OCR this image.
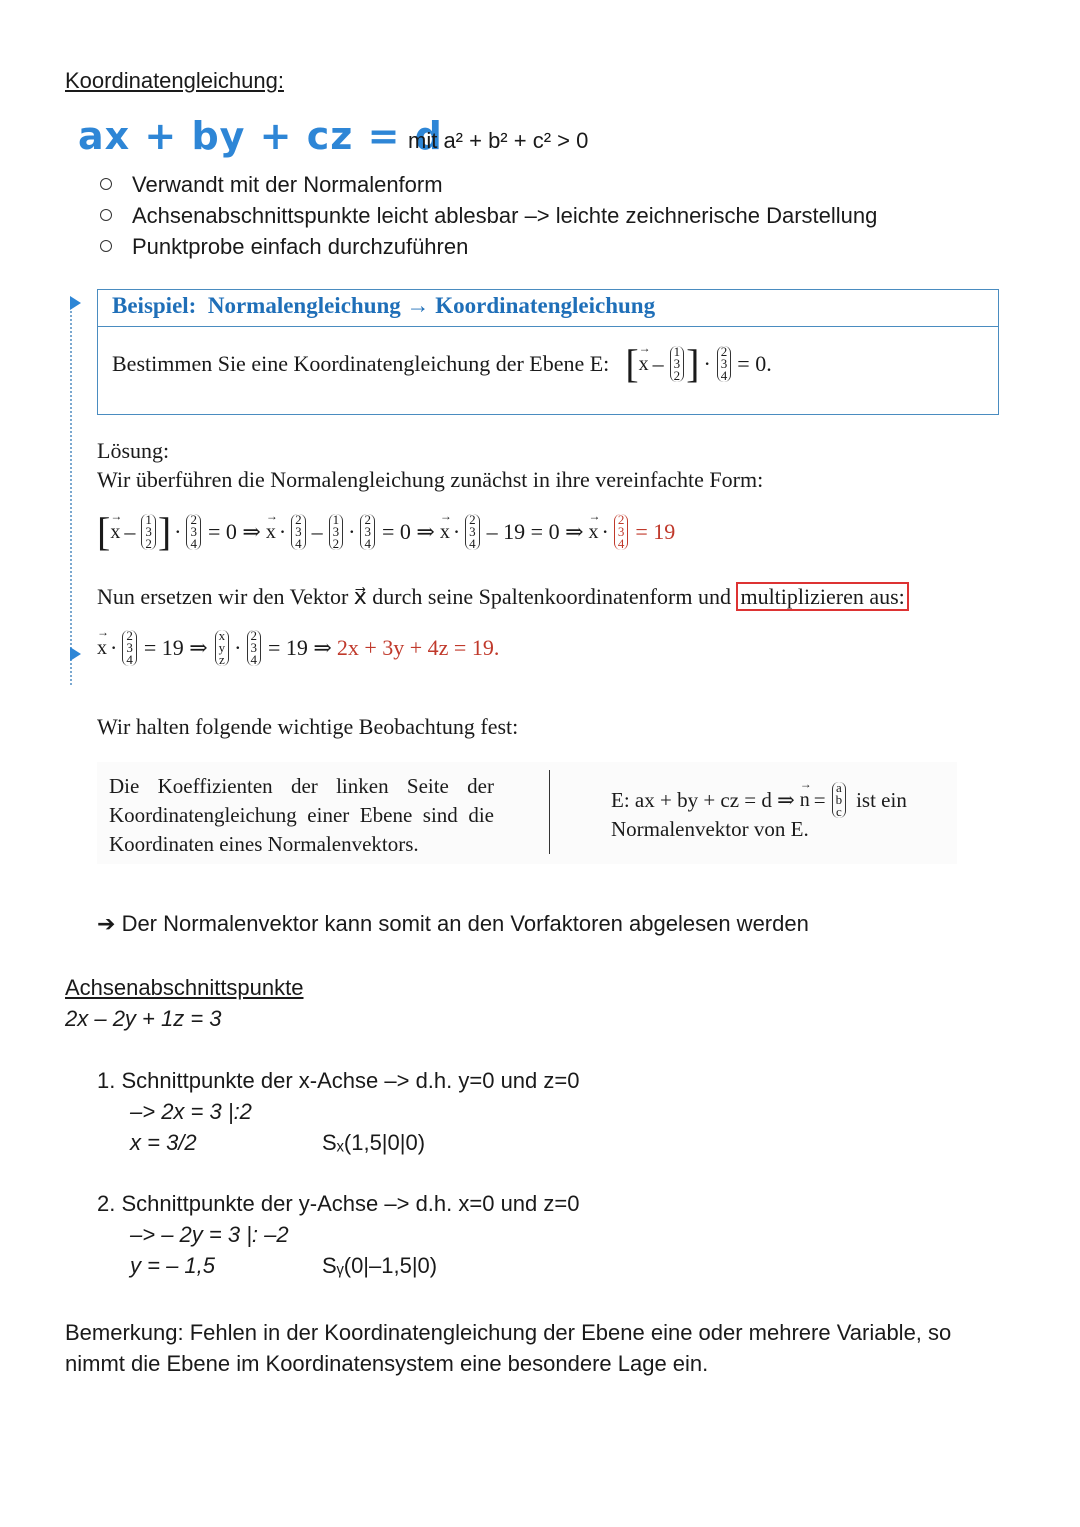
Koordinatengleichung:
ax + by + cz = d
mit a² + b² + c² > 0
Verwandt mit der Normalenform
Achsenabschnittspunkte leicht ablesbar –> leichte zeichnerische Darstellung
Punktprobe einfach durchzuführen
Beispiel: Normalengleichung → Koordinatengleichung
Bestimmen Sie eine Koordinatengleichung der Ebene E: [ → x – 1
3
2 ] · 2
3
4 = 0.
Lösung:
Wir überführen die Normalengleichung zunächst in ihre vereinfachte Form:
[ → x – 1
3
2 ] · 2
3
4 = 0 ⇒ → x · 2
3
4 – 1
3
2 · 2
3
4 = 0 ⇒ → x · 2
3
4 – 19 = 0 ⇒ → x · 2
3
4 = 19
Nun ersetzen wir den Vektor x⃗ durch seine Spaltenkoordinatenform und multiplizieren aus:
→ x · 2
3
4 = 19 ⇒ x
y
z · 2
3
4 = 19 ⇒ 2x + 3y + 4z = 19.
Wir halten folgende wichtige Beobachtung fest:
Die Koeffizienten der linken Seite der Koordinatengleichung einer Ebene sind die Koordinaten eines Normalenvektors.
E: ax + by + cz = d ⇒ → n = a
b
c ist ein
Normalenvektor von E.
➔ Der Normalenvektor kann somit an den Vorfaktoren abgelesen werden
Achsenabschnittspunkte
2x – 2y + 1z = 3
1. Schnittpunkte der x-Achse –> d.h. y=0 und z=0
–> 2x = 3 |:2
x = 3/2	Sₓ(1,5|0|0)
2. Schnittpunkte der y-Achse –> d.h. x=0 und z=0
–> – 2y = 3 |: –2
y = – 1,5	Sᵧ(0|–1,5|0)
Bemerkung: Fehlen in der Koordinatengleichung der Ebene eine oder mehrere Variable, so nimmt die Ebene im Koordinatensystem eine besondere Lage ein.
